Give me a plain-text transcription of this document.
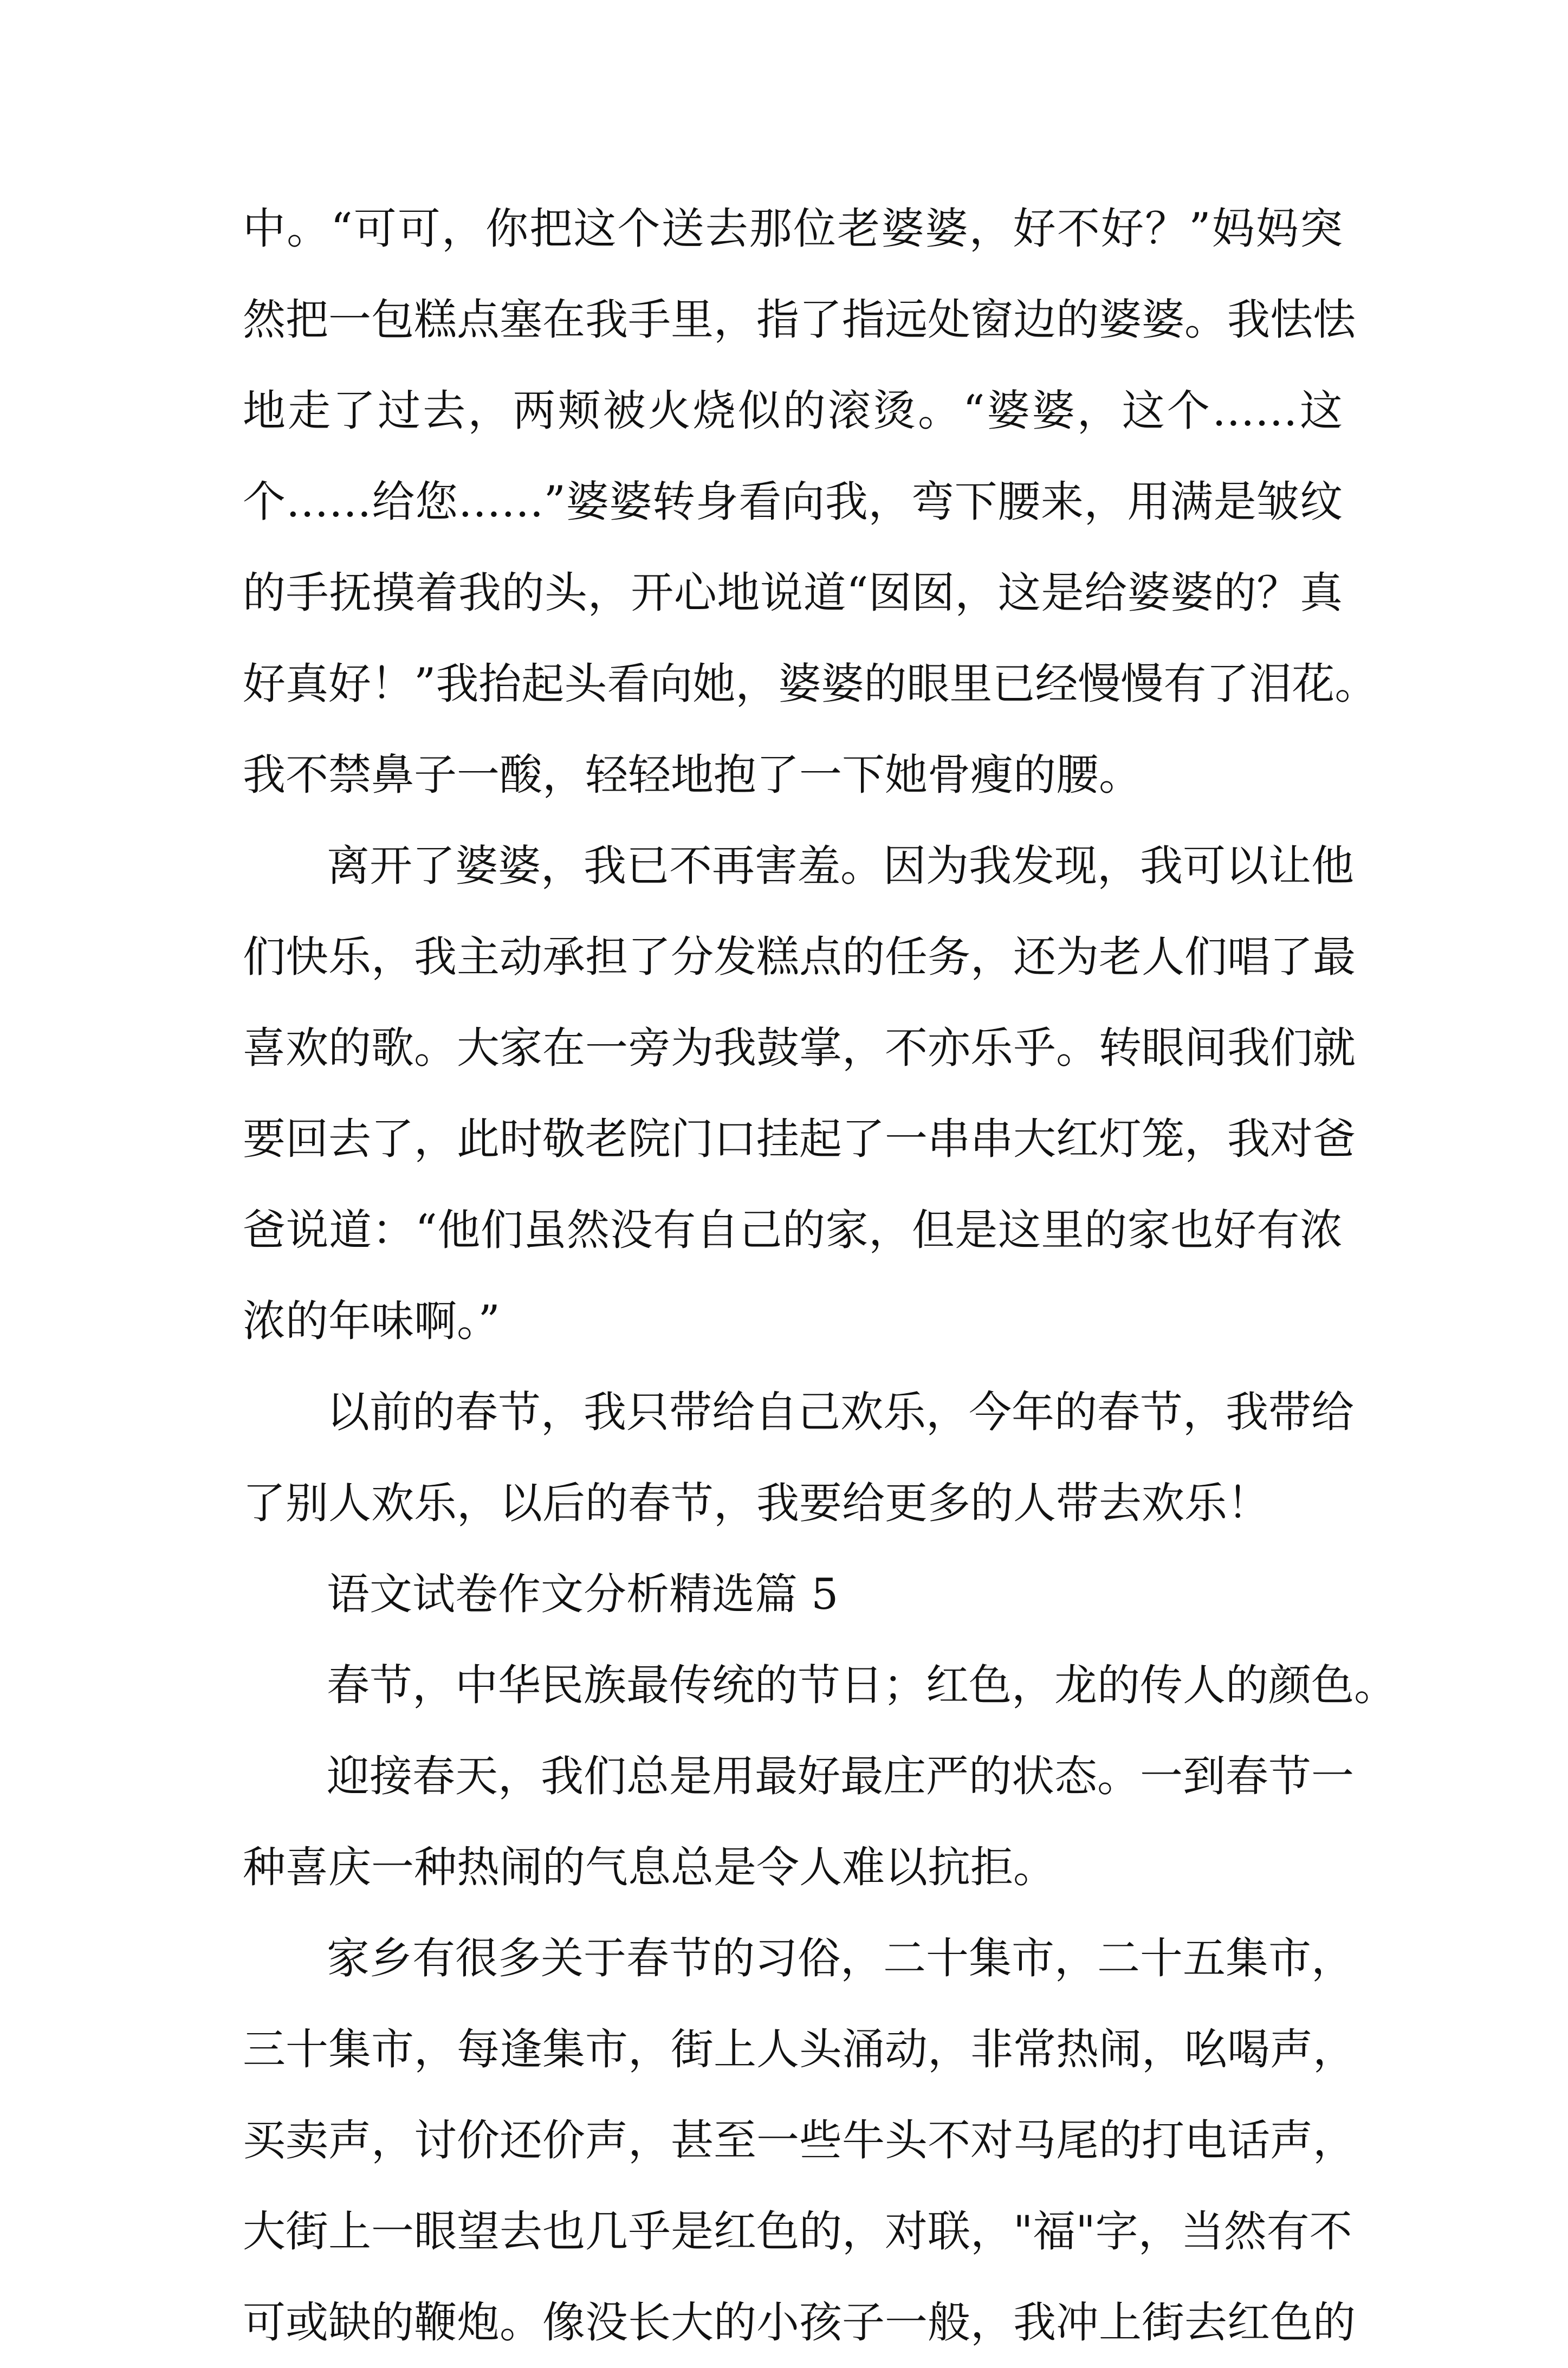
中。“可可，你把这个送去那位老婆婆，好不好？”妈妈突
然把一包糕点塞在我手里，指了指远处窗边的婆婆。我怯怯
地走了过去，两颊被火烧似的滚烫。“婆婆，这个……这
个……给您……”婆婆转身看向我，弯下腰来，用满是皱纹
的手抚摸着我的头，开心地说道“囡囡，这是给婆婆的？真
好真好！”我抬起头看向她，婆婆的眼里已经慢慢有了泪花。
我不禁鼻子一酸，轻轻地抱了一下她骨瘦的腰。
离开了婆婆，我已不再害羞。因为我发现，我可以让他
们快乐，我主动承担了分发糕点的任务，还为老人们唱了最
喜欢的歌。大家在一旁为我鼓掌，不亦乐乎。转眼间我们就
要回去了，此时敬老院门口挂起了一串串大红灯笼，我对爸
爸说道：“他们虽然没有自己的家，但是这里的家也好有浓
浓的年味啊。”
以前的春节，我只带给自己欢乐，今年的春节，我带给
了别人欢乐，以后的春节，我要给更多的人带去欢乐！
语文试卷作文分析精选篇 5
春节，中华民族最传统的节日；红色，龙的传人的颜色。
迎接春天，我们总是用最好最庄严的状态。一到春节一
种喜庆一种热闹的气息总是令人难以抗拒。
家乡有很多关于春节的习俗，二十集市，二十五集市，
三十集市，每逢集市，街上人头涌动，非常热闹，吆喝声，
买卖声，讨价还价声，甚至一些牛头不对马尾的打电话声，
大街上一眼望去也几乎是红色的，对联，"福"字，当然有不
可或缺的鞭炮。像没长大的小孩子一般，我冲上街去红色的
